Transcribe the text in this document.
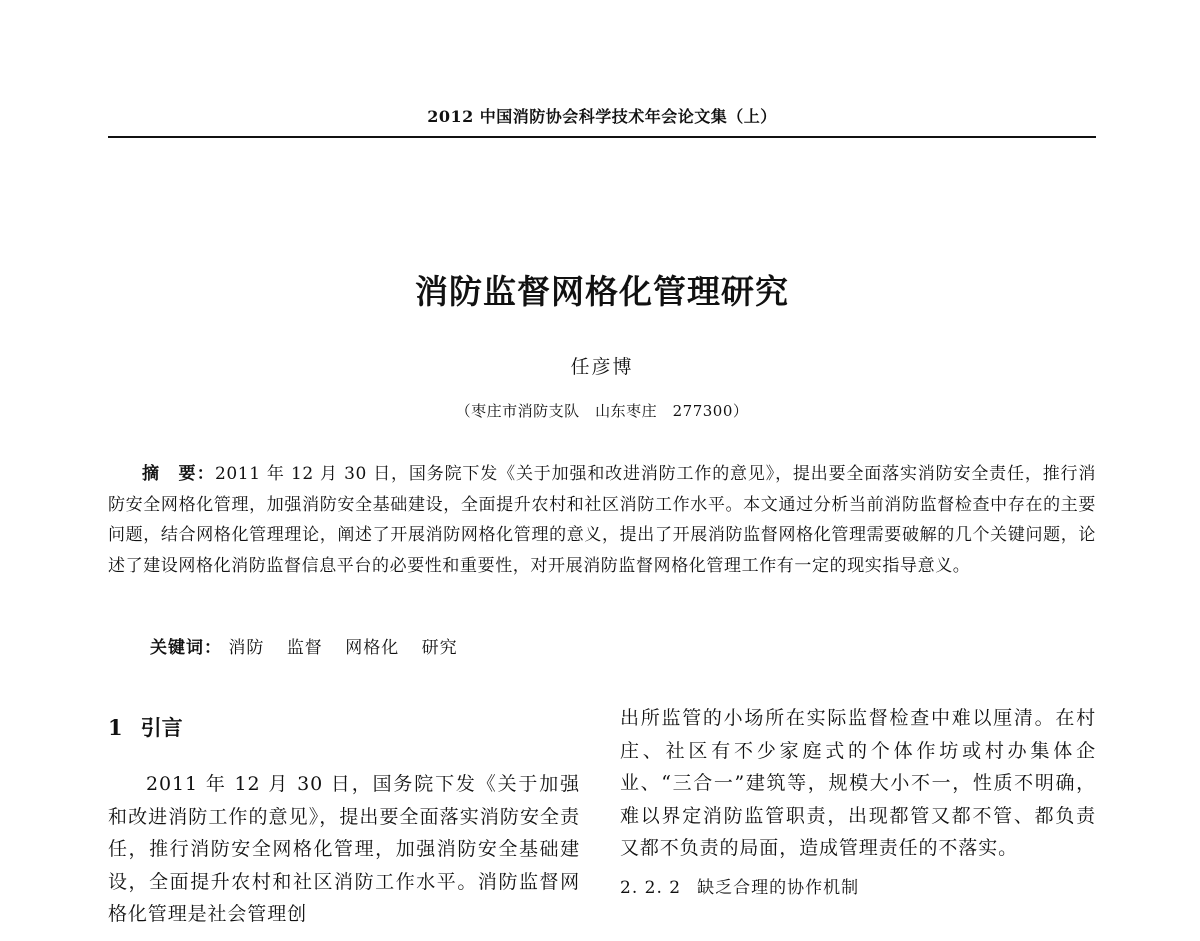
2012 中国消防协会科学技术年会论文集（上）
消防监督网格化管理研究
任彦博
（枣庄市消防支队　山东枣庄　277300）
摘　要：2011 年 12 月 30 日，国务院下发《关于加强和改进消防工作的意见》，提出要全面落实消防安全责任，推行消防安全网格化管理，加强消防安全基础建设，全面提升农村和社区消防工作水平。本文通过分析当前消防监督检查中存在的主要问题，结合网格化管理理论，阐述了开展消防网格化管理的意义，提出了开展消防监督网格化管理需要破解的几个关键问题，论述了建设网格化消防监督信息平台的必要性和重要性，对开展消防监督网格化管理工作有一定的现实指导意义。
关键词： 消防 监督 网格化 研究
1 引言

2011 年 12 月 30 日，国务院下发《关于加强和改进消防工作的意见》，提出要全面落实消防安全责任，推行消防安全网格化管理，加强消防安全基础建设，全面提升农村和社区消防工作水平。消防监督网格化管理是社会管理创

出所监管的小场所在实际监督检查中难以厘清。在村庄、社区有不少家庭式的个体作坊或村办集体企业、“三合一”建筑等，规模大小不一，性质不明确，难以界定消防监管职责，出现都管又都不管、都负责又都不负责的局面，造成管理责任的不落实。

2. 2. 2 缺乏合理的协作机制
